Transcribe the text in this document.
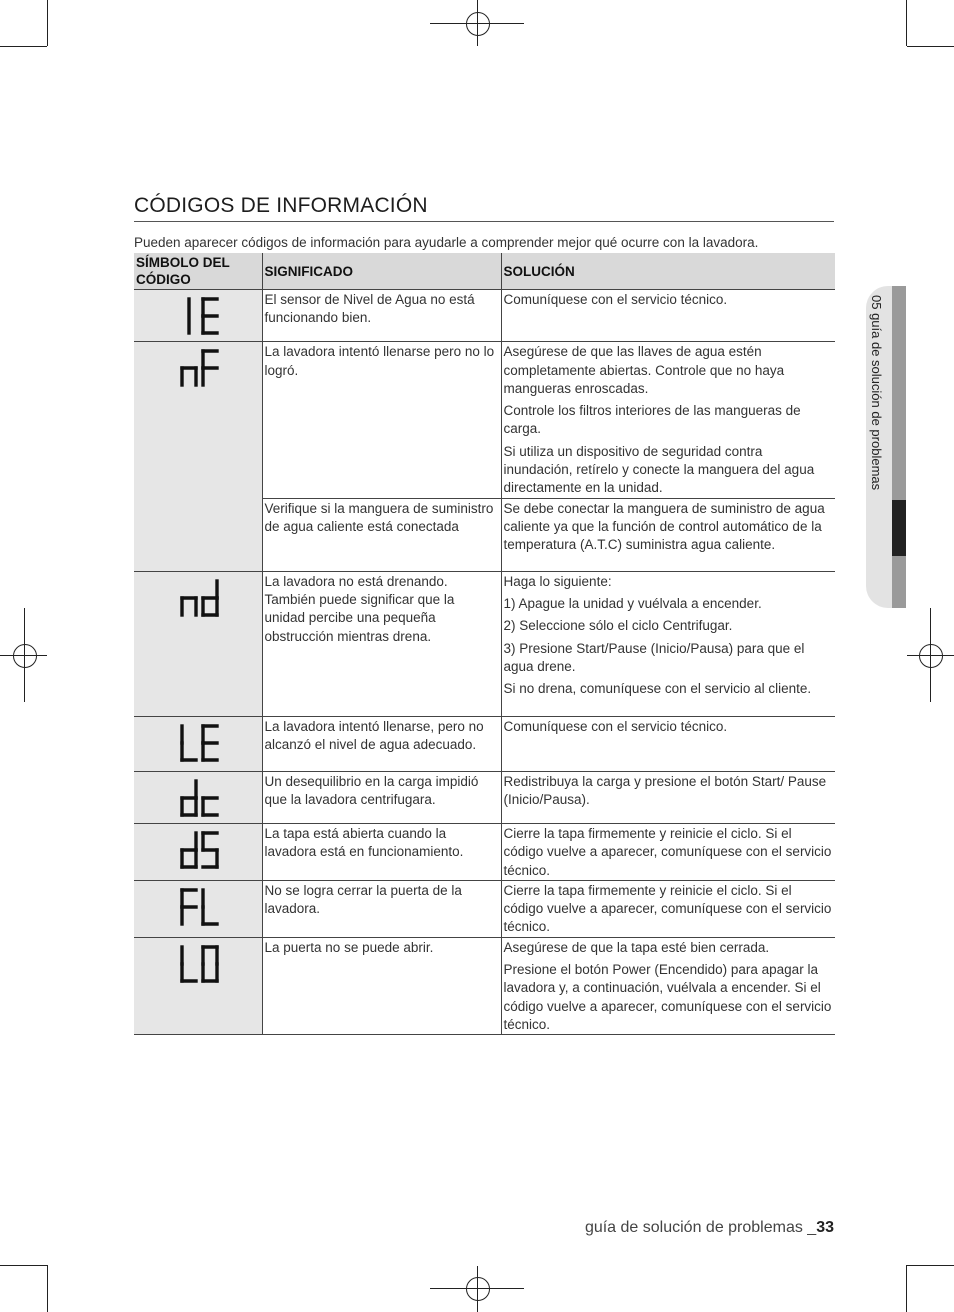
CÓDIGOS DE INFORMACIÓN
Pueden aparecer códigos de información para ayudarle a comprender mejor qué ocurre con la lavadora.
SÍMBOLO DEL CÓDIGO	SIGNIFICADO	SOLUCIÓN
	El sensor de Nivel de Agua no está funcionando bien.	Comuníquese con el servicio técnico.

	La lavadora intentó llenarse pero no lo logró.	Asegúrese de que las llaves de agua estén completamente abiertas. Controle que no haya mangueras enroscadas.

Controle los filtros interiores de las mangueras de carga.

Si utiliza un dispositivo de seguridad contra inundación, retírelo y conecte la manguera del agua directamente en la unidad.

	Verifique si la manguera de suministro de agua caliente está conectada	Se debe conectar la manguera de suministro de agua caliente ya que la función de control automático de la temperatura (A.T.C) suministra agua caliente.

	La lavadora no está drenando. También puede significar que la unidad percibe una pequeña obstrucción mientras drena.	Haga lo siguiente:

1) Apague la unidad y vuélvala a encender.

2) Seleccione sólo el ciclo Centrifugar.

3) Presione Start/Pause (Inicio/Pausa) para que el agua drene.

Si no drena, comuníquese con el servicio al cliente.

	La lavadora intentó llenarse, pero no alcanzó el nivel de agua adecuado.	Comuníquese con el servicio técnico.

	Un desequilibrio en la carga impidió que la lavadora centrifugara.	Redistribuya la carga y presione el botón Start/ Pause (Inicio/Pausa).

	La tapa está abierta cuando la lavadora está en funcionamiento.	Cierre la tapa firmemente y reinicie el ciclo. Si el código vuelve a aparecer, comuníquese con el servicio técnico.

	No se logra cerrar la puerta de la lavadora.	Cierre la tapa firmemente y reinicie el ciclo. Si el código vuelve a aparecer, comuníquese con el servicio técnico.

	La puerta no se puede abrir.	Asegúrese de que la tapa esté bien cerrada.

Presione el botón Power (Encendido) para apagar la lavadora y, a continuación, vuélvala a encender. Si el código vuelve a aparecer, comuníquese con el servicio técnico.

05 guía de solución de problemas
guía de solución de problemas _33
